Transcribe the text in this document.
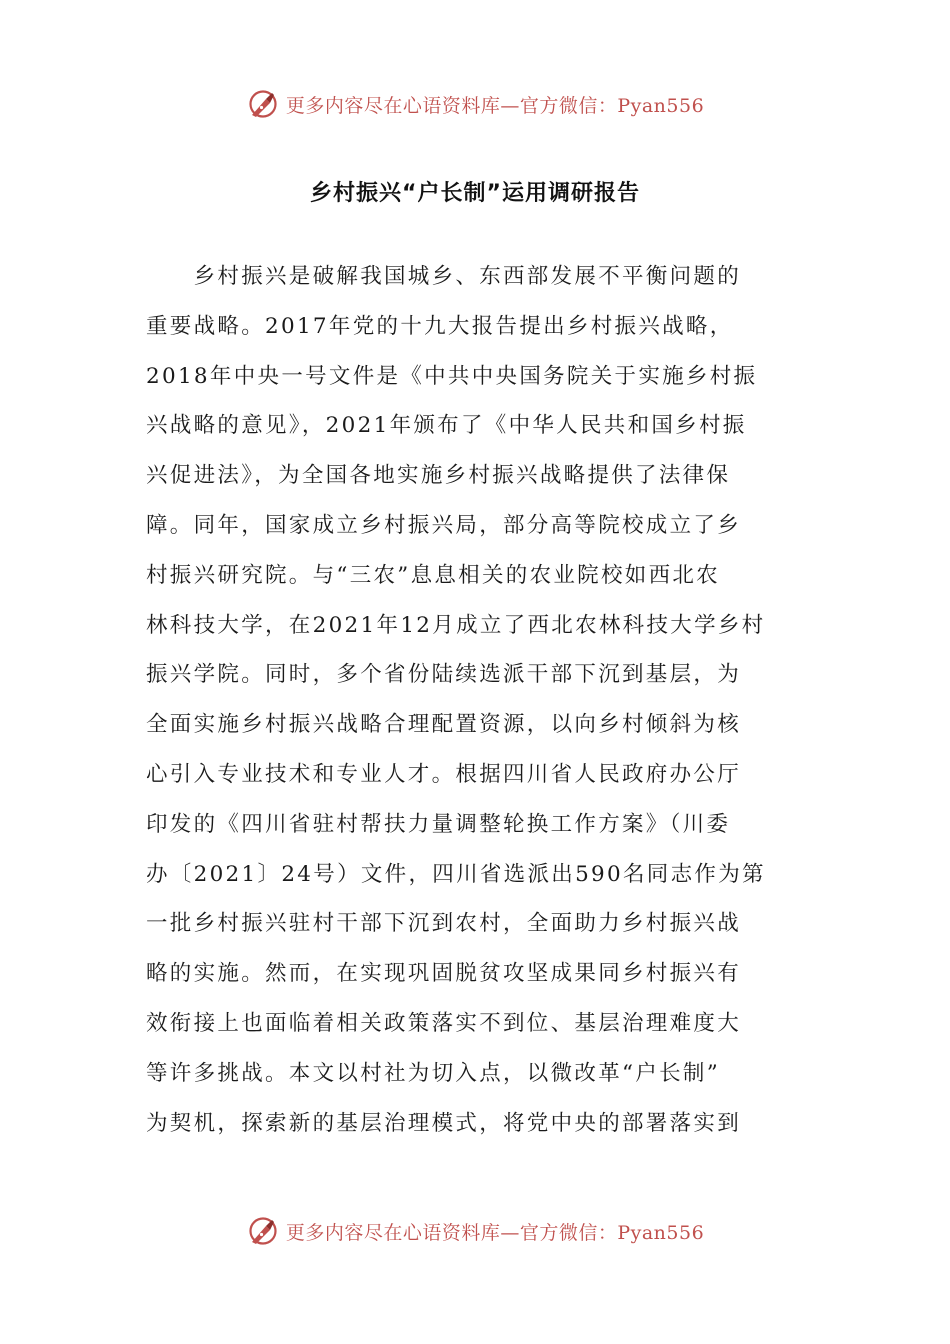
更多内容尽在心语资料库—官方微信：Pyan556
乡村振兴“户长制”运用调研报告
　　乡村振兴是破解我国城乡、东西部发展不平衡问题的
重要战略。2017年党的十九大报告提出乡村振兴战略，
2018年中央一号文件是《中共中央国务院关于实施乡村振
兴战略的意见》，2021年颁布了《中华人民共和国乡村振
兴促进法》，为全国各地实施乡村振兴战略提供了法律保
障。同年，国家成立乡村振兴局，部分高等院校成立了乡
村振兴研究院。与“三农”息息相关的农业院校如西北农
林科技大学，在2021年12月成立了西北农林科技大学乡村
振兴学院。同时，多个省份陆续选派干部下沉到基层，为
全面实施乡村振兴战略合理配置资源，以向乡村倾斜为核
心引入专业技术和专业人才。根据四川省人民政府办公厅
印发的《四川省驻村帮扶力量调整轮换工作方案》（川委
办〔2021〕24号）文件，四川省选派出590名同志作为第
一批乡村振兴驻村干部下沉到农村，全面助力乡村振兴战
略的实施。然而，在实现巩固脱贫攻坚成果同乡村振兴有
效衔接上也面临着相关政策落实不到位、基层治理难度大
等许多挑战。本文以村社为切入点，以微改革“户长制”
为契机，探索新的基层治理模式，将党中央的部署落实到
更多内容尽在心语资料库—官方微信：Pyan556
